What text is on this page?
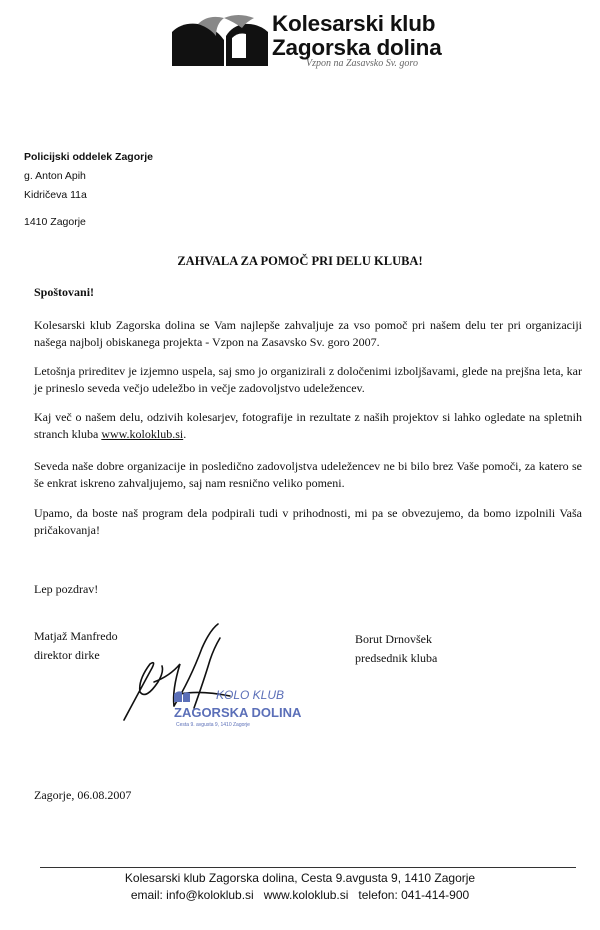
Kolesarski klub
Zagorska dolina
Vzpon na Zasavsko Sv. goro
Policijski oddelek Zagorje
g. Anton Apih
Kidričeva 11a
1410 Zagorje
ZAHVALA ZA POMOČ PRI DELU KLUBA!
Spoštovani!
Kolesarski klub Zagorska dolina se Vam najlepše zahvaljuje za vso pomoč pri našem delu ter pri organizaciji našega najbolj obiskanega projekta - Vzpon na Zasavsko Sv. goro 2007.
Letošnja prireditev je izjemno uspela, saj smo jo organizirali z določenimi izboljšavami, glede na prejšna leta, kar je prineslo seveda večjo udeležbo in večje zadovoljstvo udeležencev.
Kaj več o našem delu, odzivih kolesarjev, fotografije in rezultate z naših projektov si lahko ogledate na spletnih stranch kluba www.koloklub.si.
Seveda naše dobre organizacije in posledično zadovoljstva udeležencev ne bi bilo brez Vaše pomoči, za katero se še enkrat iskreno zahvaljujemo, saj nam resnično veliko pomeni.
Upamo, da boste naš program dela podpirali tudi v prihodnosti, mi pa se obvezujemo, da bomo izpolnili Vaša pričakovanja!
Lep pozdrav!
Matjaž Manfredo
direktor dirke
Borut Drnovšek
predsednik kluba
KOLO KLUB
ZAGORSKA DOLINA
Cesta 9. avgusta 9, 1410 Zagorje
Zagorje, 06.08.2007
Kolesarski klub Zagorska dolina, Cesta 9.avgusta 9, 1410 Zagorje
email: info@koloklub.si   www.koloklub.si   telefon: 041-414-900
